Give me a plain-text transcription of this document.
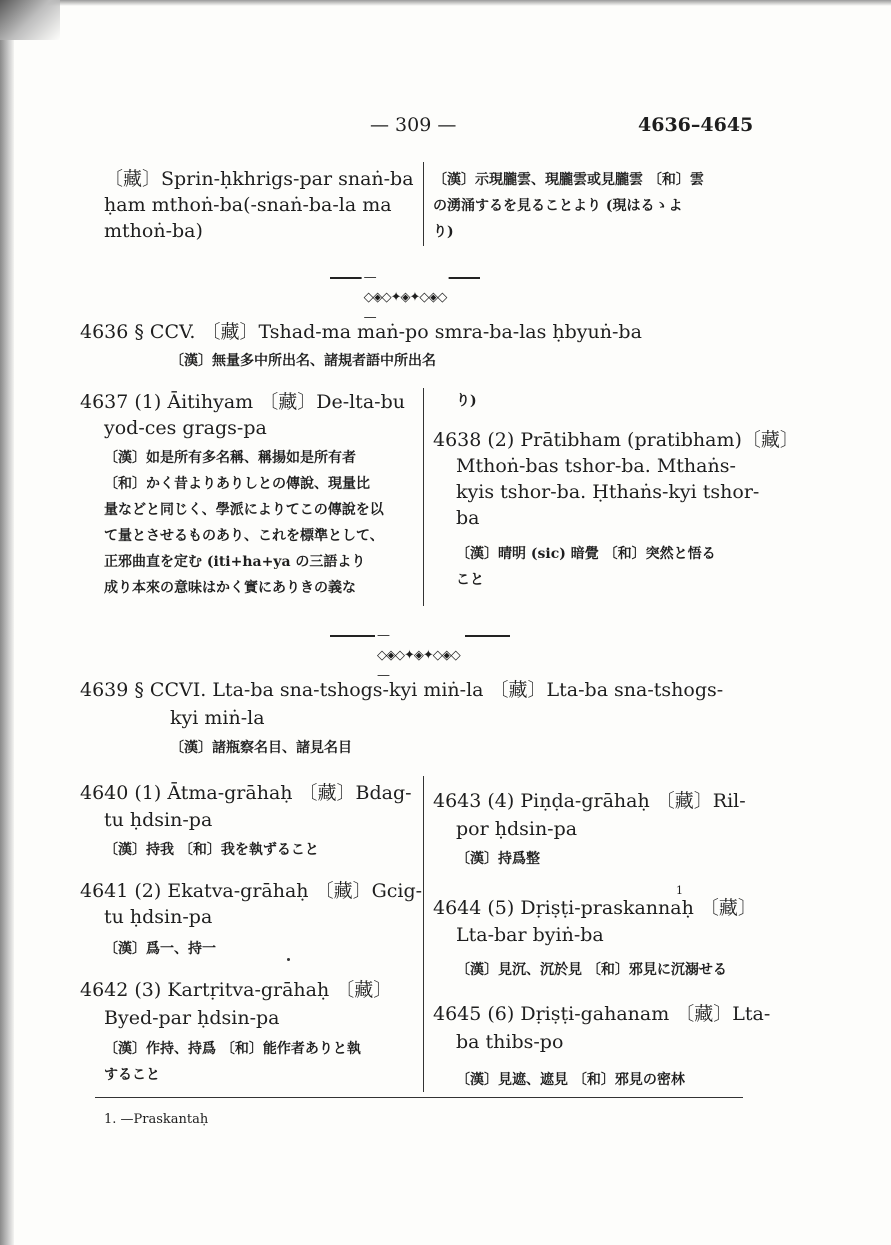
— 309 —	4636–4645
〔藏〕Sprin-ḥkhrigs-par snaṅ-ba
ḥam mthoṅ-ba(-snaṅ-ba-la ma
mthoṅ-ba)
〔漢〕示現朧雲、現朧雲或見朧雲 〔和〕雲
の湧涌するを見ることより (現はるゝよ
り)
—◇◈◇✦◈✦◇◈◇—
4636 § CCV. 〔藏〕Tshad-ma maṅ-po smra-ba-las ḥbyuṅ-ba
〔漢〕無量多中所出名、諸規者語中所出名
4637 (1) Āitihyam 〔藏〕De-lta-bu
yod-ces grags-pa
〔漢〕如是所有多名稱、稱揚如是所有者
〔和〕かく昔よりありしとの傳說、現量比
量などと同じく、學派によりてこの傳說を以
て量とさせるものあり、これを標準として、
正邪曲直を定む (iti+ha+ya の三語より
成り本來の意味はかく實にありきの義な
り)
4638 (2) Prātibham (pratibham)〔藏〕
Mthoṅ-bas tshor-ba. Mthaṅs-
kyis tshor-ba. Ḥthaṅs-kyi tshor-
ba
〔漢〕晴明 (sic) 暗覺 〔和〕突然と悟る
こと
—◇◈◇✦◈✦◇◈◇—
4639 § CCVI. Lta-ba sna-tshogs-kyi miṅ-la 〔藏〕Lta-ba sna-tshogs-
kyi miṅ-la
〔漢〕諸瓶察名目、諸見名目
4640 (1) Ātma-grāhaḥ 〔藏〕Bdag-
tu ḥdsin-pa
〔漢〕持我 〔和〕我を執ずること
4641 (2) Ekatva-grāhaḥ 〔藏〕Gcig-
tu ḥdsin-pa
〔漢〕爲一、持一
4642 (3) Kartṛitva-grāhaḥ 〔藏〕
Byed-par ḥdsin-pa
〔漢〕作持、持爲 〔和〕能作者ありと執
すること
4643 (4) Piṇḍa-grāhaḥ 〔藏〕Ril-
por ḥdsin-pa
〔漢〕持爲整
1
4644 (5) Dṛiṣṭi-praskannaḥ 〔藏〕
Lta-bar byiṅ-ba
〔漢〕見沉、沉於見 〔和〕邪見に沉溺せる
4645 (6) Dṛiṣṭi-gahanam 〔藏〕Lta-
ba thibs-po
〔漢〕見遮、遮見 〔和〕邪見の密林
1. —Praskantaḥ
